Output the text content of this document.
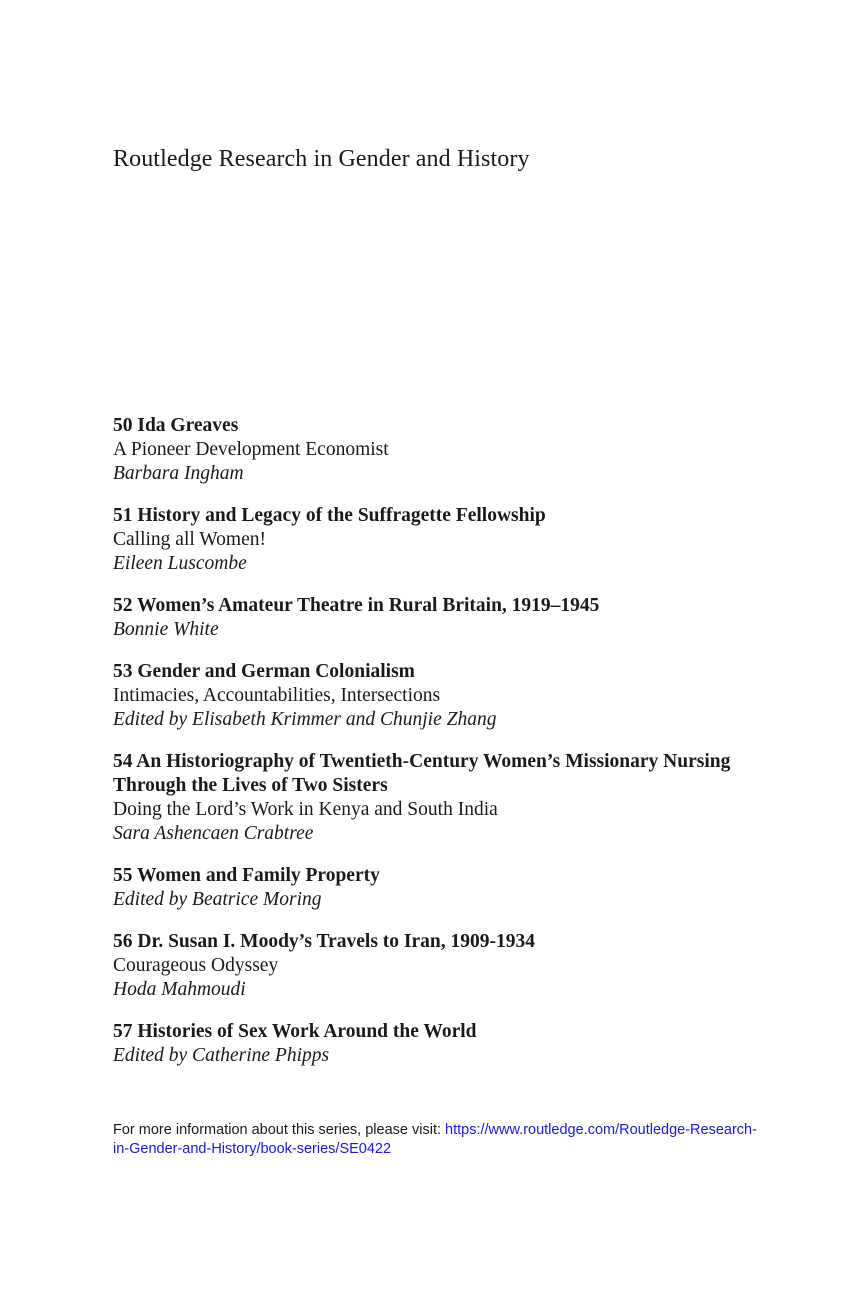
Routledge Research in Gender and History
50 Ida Greaves
A Pioneer Development Economist
Barbara Ingham
51 History and Legacy of the Suffragette Fellowship
Calling all Women!
Eileen Luscombe
52 Women’s Amateur Theatre in Rural Britain, 1919–1945
Bonnie White
53 Gender and German Colonialism
Intimacies, Accountabilities, Intersections
Edited by Elisabeth Krimmer and Chunjie Zhang
54 An Historiography of Twentieth-Century Women’s Missionary Nursing Through the Lives of Two Sisters
Doing the Lord’s Work in Kenya and South India
Sara Ashencaen Crabtree
55 Women and Family Property
Edited by Beatrice Moring
56 Dr. Susan I. Moody’s Travels to Iran, 1909-1934
Courageous Odyssey
Hoda Mahmoudi
57 Histories of Sex Work Around the World
Edited by Catherine Phipps

For more information about this series, please visit: https://www.routledge.com/Routledge-Research-in-Gender-and-History/book-series/SE0422
